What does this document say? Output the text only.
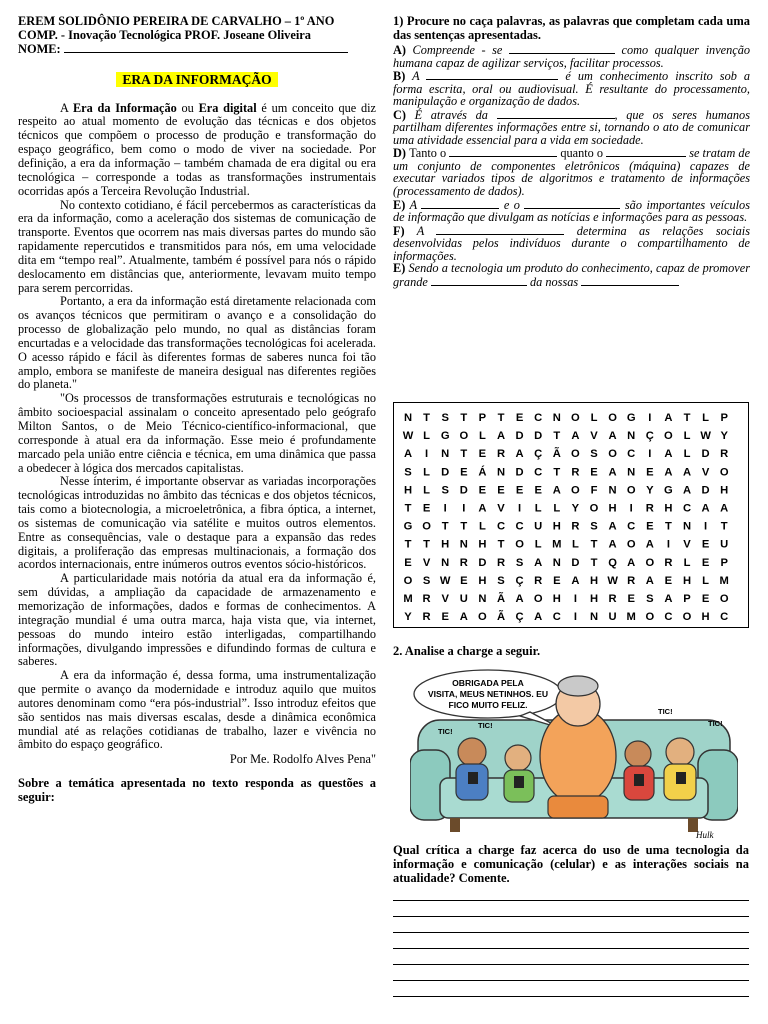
EREM SOLIDÔNIO PEREIRA DE CARVALHO – 1º ANO
COMP. - Inovação Tecnológica PROF. Joseane Oliveira
NOME:
ERA DA INFORMAÇÃO

A Era da Informação ou Era digital é um conceito que diz respeito ao atual momento de evolução das técnicas e dos objetos técnicos que compõem o processo de produção e transformação do espaço geográfico, bem como o modo de viver na sociedade. Por definição, a era da informação – também chamada de era digital ou era tecnológica – corresponde a todas as transformações instrumentais ocorridas após a Terceira Revolução Industrial.

No contexto cotidiano, é fácil percebermos as características da era da informação, como a aceleração dos sistemas de comunicação de transporte. Eventos que ocorrem nas mais diversas partes do mundo são rapidamente repercutidos e transmitidos para nós, em uma velocidade dita em “tempo real”. Atualmente, também é possível para nós o rápido deslocamento em distâncias que, anteriormente, levavam muito tempo para serem percorridas.

Portanto, a era da informação está diretamente relacionada com os avanços técnicos que permitiram o avanço e a consolidação do processo de globalização pelo mundo, no qual as distâncias foram encurtadas e a velocidade das transformações tecnológicas foi acelerada. O acesso rápido e fácil às diferentes formas de saberes nunca foi tão amplo, embora se manifeste de maneira desigual nas diferentes regiões do planeta."

"Os processos de transformações estruturais e tecnológicas no âmbito socioespacial assinalam o conceito apresentado pelo geógrafo Milton Santos, o de Meio Técnico-científico-informacional, que corresponde à atual era da informação. Esse meio é profundamente marcado pela união entre ciência e técnica, em uma dinâmica que passa a obedecer à lógica dos mercados capitalistas.

Nesse ínterim, é importante observar as variadas incorporações tecnológicas introduzidas no âmbito das técnicas e dos objetos técnicos, tais como a biotecnologia, a microeletrônica, a fibra óptica, a internet, os sistemas de comunicação via satélite e muitos outros elementos. Entre as consequências, vale o destaque para a expansão das redes digitais, a proliferação das empresas multinacionais, a formação dos acordos internacionais, entre inúmeros outros eventos sócio-históricos.

A particularidade mais notória da atual era da informação é, sem dúvidas, a ampliação da capacidade de armazenamento e memorização de informações, dados e formas de conhecimentos. A integração mundial é uma outra marca, haja vista que, via internet, pessoas do mundo inteiro estão interligadas, compartilhando informações, divulgando impressões e difundindo formas de cultura e saberes.

A era da informação é, dessa forma, uma instrumentalização que permite o avanço da modernidade e introduz aquilo que muitos autores denominam como “era pós-industrial”. Isso introduz efeitos que são sentidos nas mais diversas escalas, desde a dinâmica econômica mundial até as relações cotidianas de trabalho, lazer e vivência no âmbito do espaço geográfico.

Por Me. Rodolfo Alves Pena"

Sobre a temática apresentada no texto responda as questões a seguir:
1) Procure no caça palavras, as palavras que completam cada uma das sentenças apresentadas.

A) Compreende - se	como qualquer invenção humana capaz de agilizar serviços, facilitar processos.

B) A	é um conhecimento inscrito sob a forma escrita, oral ou audiovisual. É resultante do processamento, manipulação e organização de dados.

C) É através da	, que os seres humanos partilham diferentes informações entre si, tornando o ato de comunicar uma atividade essencial para a vida em sociedade.

D) Tanto o	quanto o	se tratam de um conjunto de componentes eletrônicos (máquina) capazes de executar variados tipos de algoritmos e tratamento de informações (processamento de dados).

E) A	e o	são importantes veículos de informação que divulgam as notícias e informações para as pessoas.

F) A	determina as relações sociais desenvolvidas pelos indivíduos durante o compartilhamento de informações.

E) Sendo a tecnologia um produto do conhecimento, capaz de promover grande	da nossas

N T S T P T E C N O L O G I A T L P
W L G O L A D D T A V A N Ç O L W Y
A I N T E R A Ç Ã O S O C I A L D R
S L D E Á N D C T R E A N E A A V O
H L S D E E E E A O F N O Y G A D H
T E I I A V I L L Y O H I R H C A A
G O T T L C C U H R S A C E T N I T
T T H N H T O L M L T A O A I V E U
E V N R D R S A N D T Q A O R L E P
O S W E H S Ç R E A H W R A E H L M
M R V U N Ã A O H I H R E S A P E O
Y R E A O Ã Ç A C I N U M O C O H C
2. Analise a charge a seguir.
OBRIGADA PELA
VISITA, MEUS NETINHOS. EU
FICO MUITO FELIZ.
TIC!
TIC!
TIC!
TIC!
Hulk
Qual crítica a charge faz acerca do uso de uma tecnologia da informação e comunicação (celular) e as interações sociais na atualidade? Comente.
